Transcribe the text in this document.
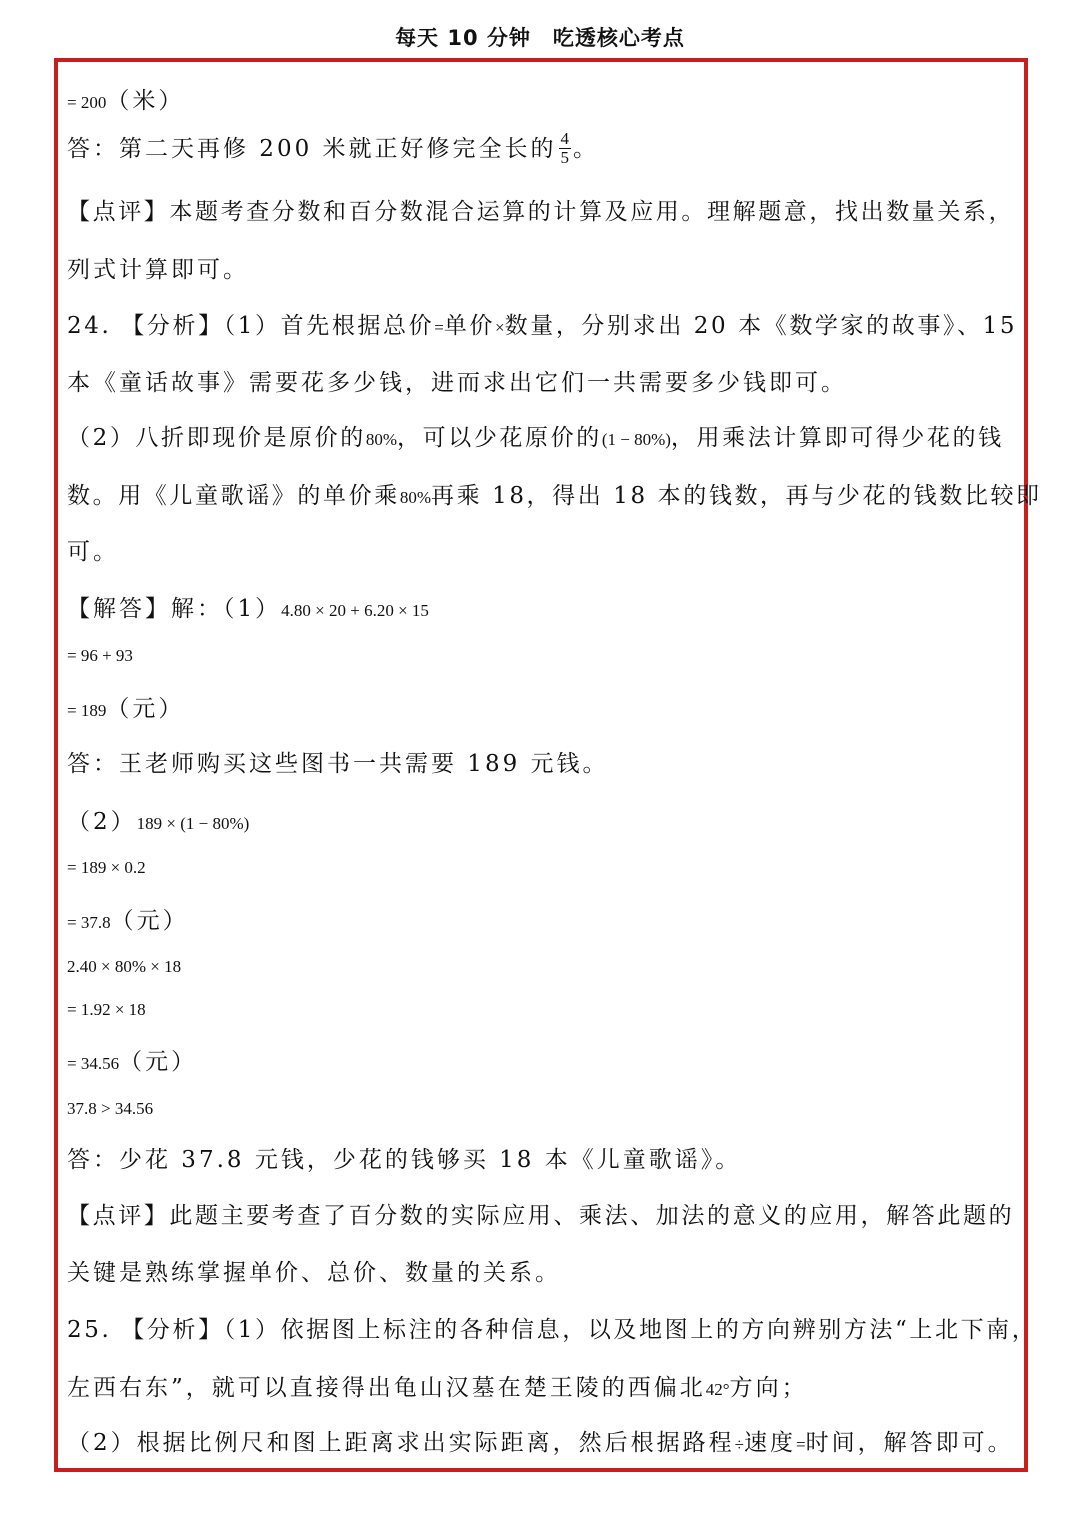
每天 10 分钟　吃透核心考点
= 200（米）
答：第二天再修 200 米就正好修完全长的 $\frac{4}{5}$ 。
【点评】本题考查分数和百分数混合运算的计算及应用。理解题意，找出数量关系，
列式计算即可。
24. 【分析】（1）首先根据总价=单价×数量，分别求出 20 本《数学家的故事》、15
本《童话故事》需要花多少钱，进而求出它们一共需要多少钱即可。
（2）八折即现价是原价的80%，可以少花原价的(1 − 80%)，用乘法计算即可得少花的钱
数。用《儿童歌谣》的单价乘80%再乘 18，得出 18 本的钱数，再与少花的钱数比较即
可。
【解答】解：（1）4.80 × 20 + 6.20 × 15
= 96 + 93
= 189（元）
答：王老师购买这些图书一共需要 189 元钱。
（2）189 × (1 − 80%)
= 189 × 0.2
= 37.8（元）
2.40 × 80% × 18
= 1.92 × 18
= 34.56（元）
37.8 > 34.56
答：少花 37.8 元钱，少花的钱够买 18 本《儿童歌谣》。
【点评】此题主要考查了百分数的实际应用、乘法、加法的意义的应用，解答此题的
关键是熟练掌握单价、总价、数量的关系。
25. 【分析】（1）依据图上标注的各种信息，以及地图上的方向辨别方法“上北下南，
左西右东”，就可以直接得出龟山汉墓在楚王陵的西偏北42°方向；
（2）根据比例尺和图上距离求出实际距离，然后根据路程÷速度=时间，解答即可。
